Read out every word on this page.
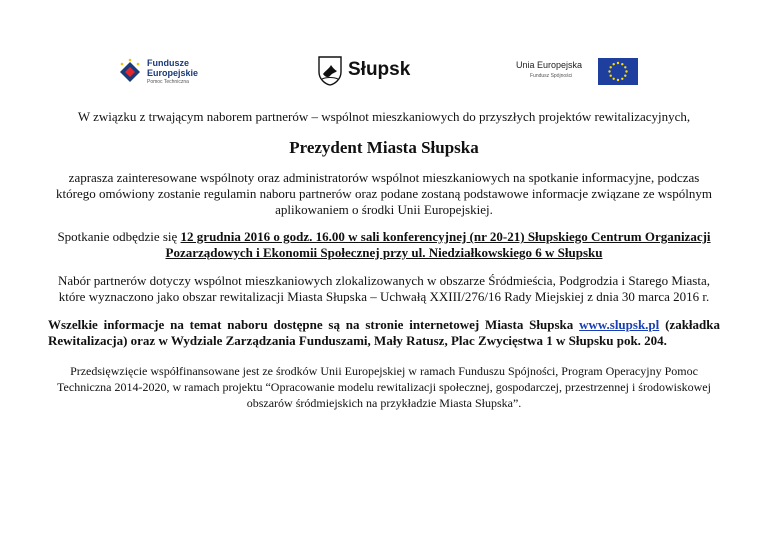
Fundusze
Europejskie
Pomoc Techniczna
Słupsk	Unia Europejska
Fundusz Spójności

W związku z trwającym naborem partnerów – wspólnot mieszkaniowych do przyszłych projektów rewitalizacyjnych,

Prezydent Miasta Słupska

zaprasza zainteresowane wspólnoty oraz administratorów wspólnot mieszkaniowych na spotkanie informacyjne, podczas którego omówiony zostanie regulamin naboru partnerów oraz podane zostaną podstawowe informacje związane ze wspólnym aplikowaniem o środki Unii Europejskiej.

Spotkanie odbędzie się 12 grudnia 2016 o godz. 16.00 w sali konferencyjnej (nr 20-21) Słupskiego Centrum Organizacji Pozarządowych i Ekonomii Społecznej przy ul. Niedziałkowskiego 6 w Słupsku

Nabór partnerów dotyczy wspólnot mieszkaniowych zlokalizowanych w obszarze Śródmieścia, Podgrodzia i Starego Miasta, które wyznaczono jako obszar rewitalizacji Miasta Słupska – Uchwałą XXIII/276/16 Rady Miejskiej z dnia 30 marca 2016 r.

Wszelkie informacje na temat naboru dostępne są na stronie internetowej Miasta Słupska www.slupsk.pl (zakładka Rewitalizacja) oraz w Wydziale Zarządzania Funduszami, Mały Ratusz, Plac Zwycięstwa 1 w Słupsku pok. 204.

Przedsięwzięcie współfinansowane jest ze środków Unii Europejskiej w ramach Funduszu Spójności, Program Operacyjny Pomoc Techniczna 2014-2020, w ramach projektu “Opracowanie modelu rewitalizacji społecznej, gospodarczej, przestrzennej i środowiskowej obszarów śródmiejskich na przykładzie Miasta Słupska”.
